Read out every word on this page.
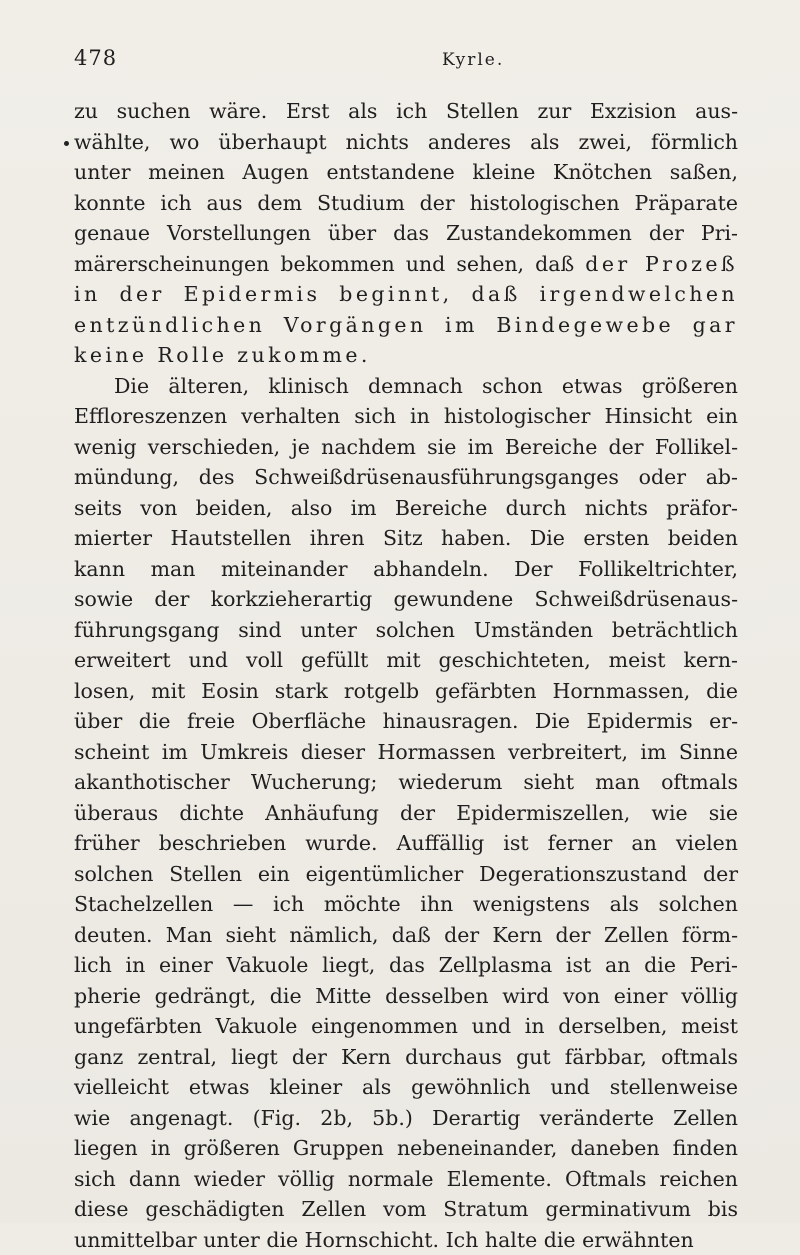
478	Kyrle.
zu suchen wäre. Erst als ich Stellen zur Exzision aus-
wählte, wo überhaupt nichts anderes als zwei, förmlich
unter meinen Augen entstandene kleine Knötchen saßen,
konnte ich aus dem Studium der histologischen Präparate
genaue Vorstellungen über das Zustandekommen der Pri-
märerscheinungen bekommen und sehen, daß der Prozeß
in der Epidermis beginnt, daß irgendwelchen
entzündlichen Vorgängen im Bindegewebe gar
keine Rolle zukomme.
Die älteren, klinisch demnach schon etwas größeren
Effloreszenzen verhalten sich in histologischer Hinsicht ein
wenig verschieden, je nachdem sie im Bereiche der Follikel-
mündung, des Schweißdrüsenausführungsganges oder ab-
seits von beiden, also im Bereiche durch nichts präfor-
mierter Hautstellen ihren Sitz haben. Die ersten beiden
kann man miteinander abhandeln. Der Follikeltrichter,
sowie der korkzieherartig gewundene Schweißdrüsenaus-
führungsgang sind unter solchen Umständen beträchtlich
erweitert und voll gefüllt mit geschichteten, meist kern-
losen, mit Eosin stark rotgelb gefärbten Hornmassen, die
über die freie Oberfläche hinausragen. Die Epidermis er-
scheint im Umkreis dieser Hormassen verbreitert, im Sinne
akanthotischer Wucherung; wiederum sieht man oftmals
überaus dichte Anhäufung der Epidermiszellen, wie sie
früher beschrieben wurde. Auffällig ist ferner an vielen
solchen Stellen ein eigentümlicher Degerationszustand der
Stachelzellen — ich möchte ihn wenigstens als solchen
deuten. Man sieht nämlich, daß der Kern der Zellen förm-
lich in einer Vakuole liegt, das Zellplasma ist an die Peri-
pherie gedrängt, die Mitte desselben wird von einer völlig
ungefärbten Vakuole eingenommen und in derselben, meist
ganz zentral, liegt der Kern durchaus gut färbbar, oftmals
vielleicht etwas kleiner als gewöhnlich und stellenweise
wie angenagt. (Fig. 2b, 5b.) Derartig veränderte Zellen
liegen in größeren Gruppen nebeneinander, daneben finden
sich dann wieder völlig normale Elemente. Oftmals reichen
diese geschädigten Zellen vom Stratum germinativum bis
unmittelbar unter die Hornschicht. Ich halte die erwähnten
